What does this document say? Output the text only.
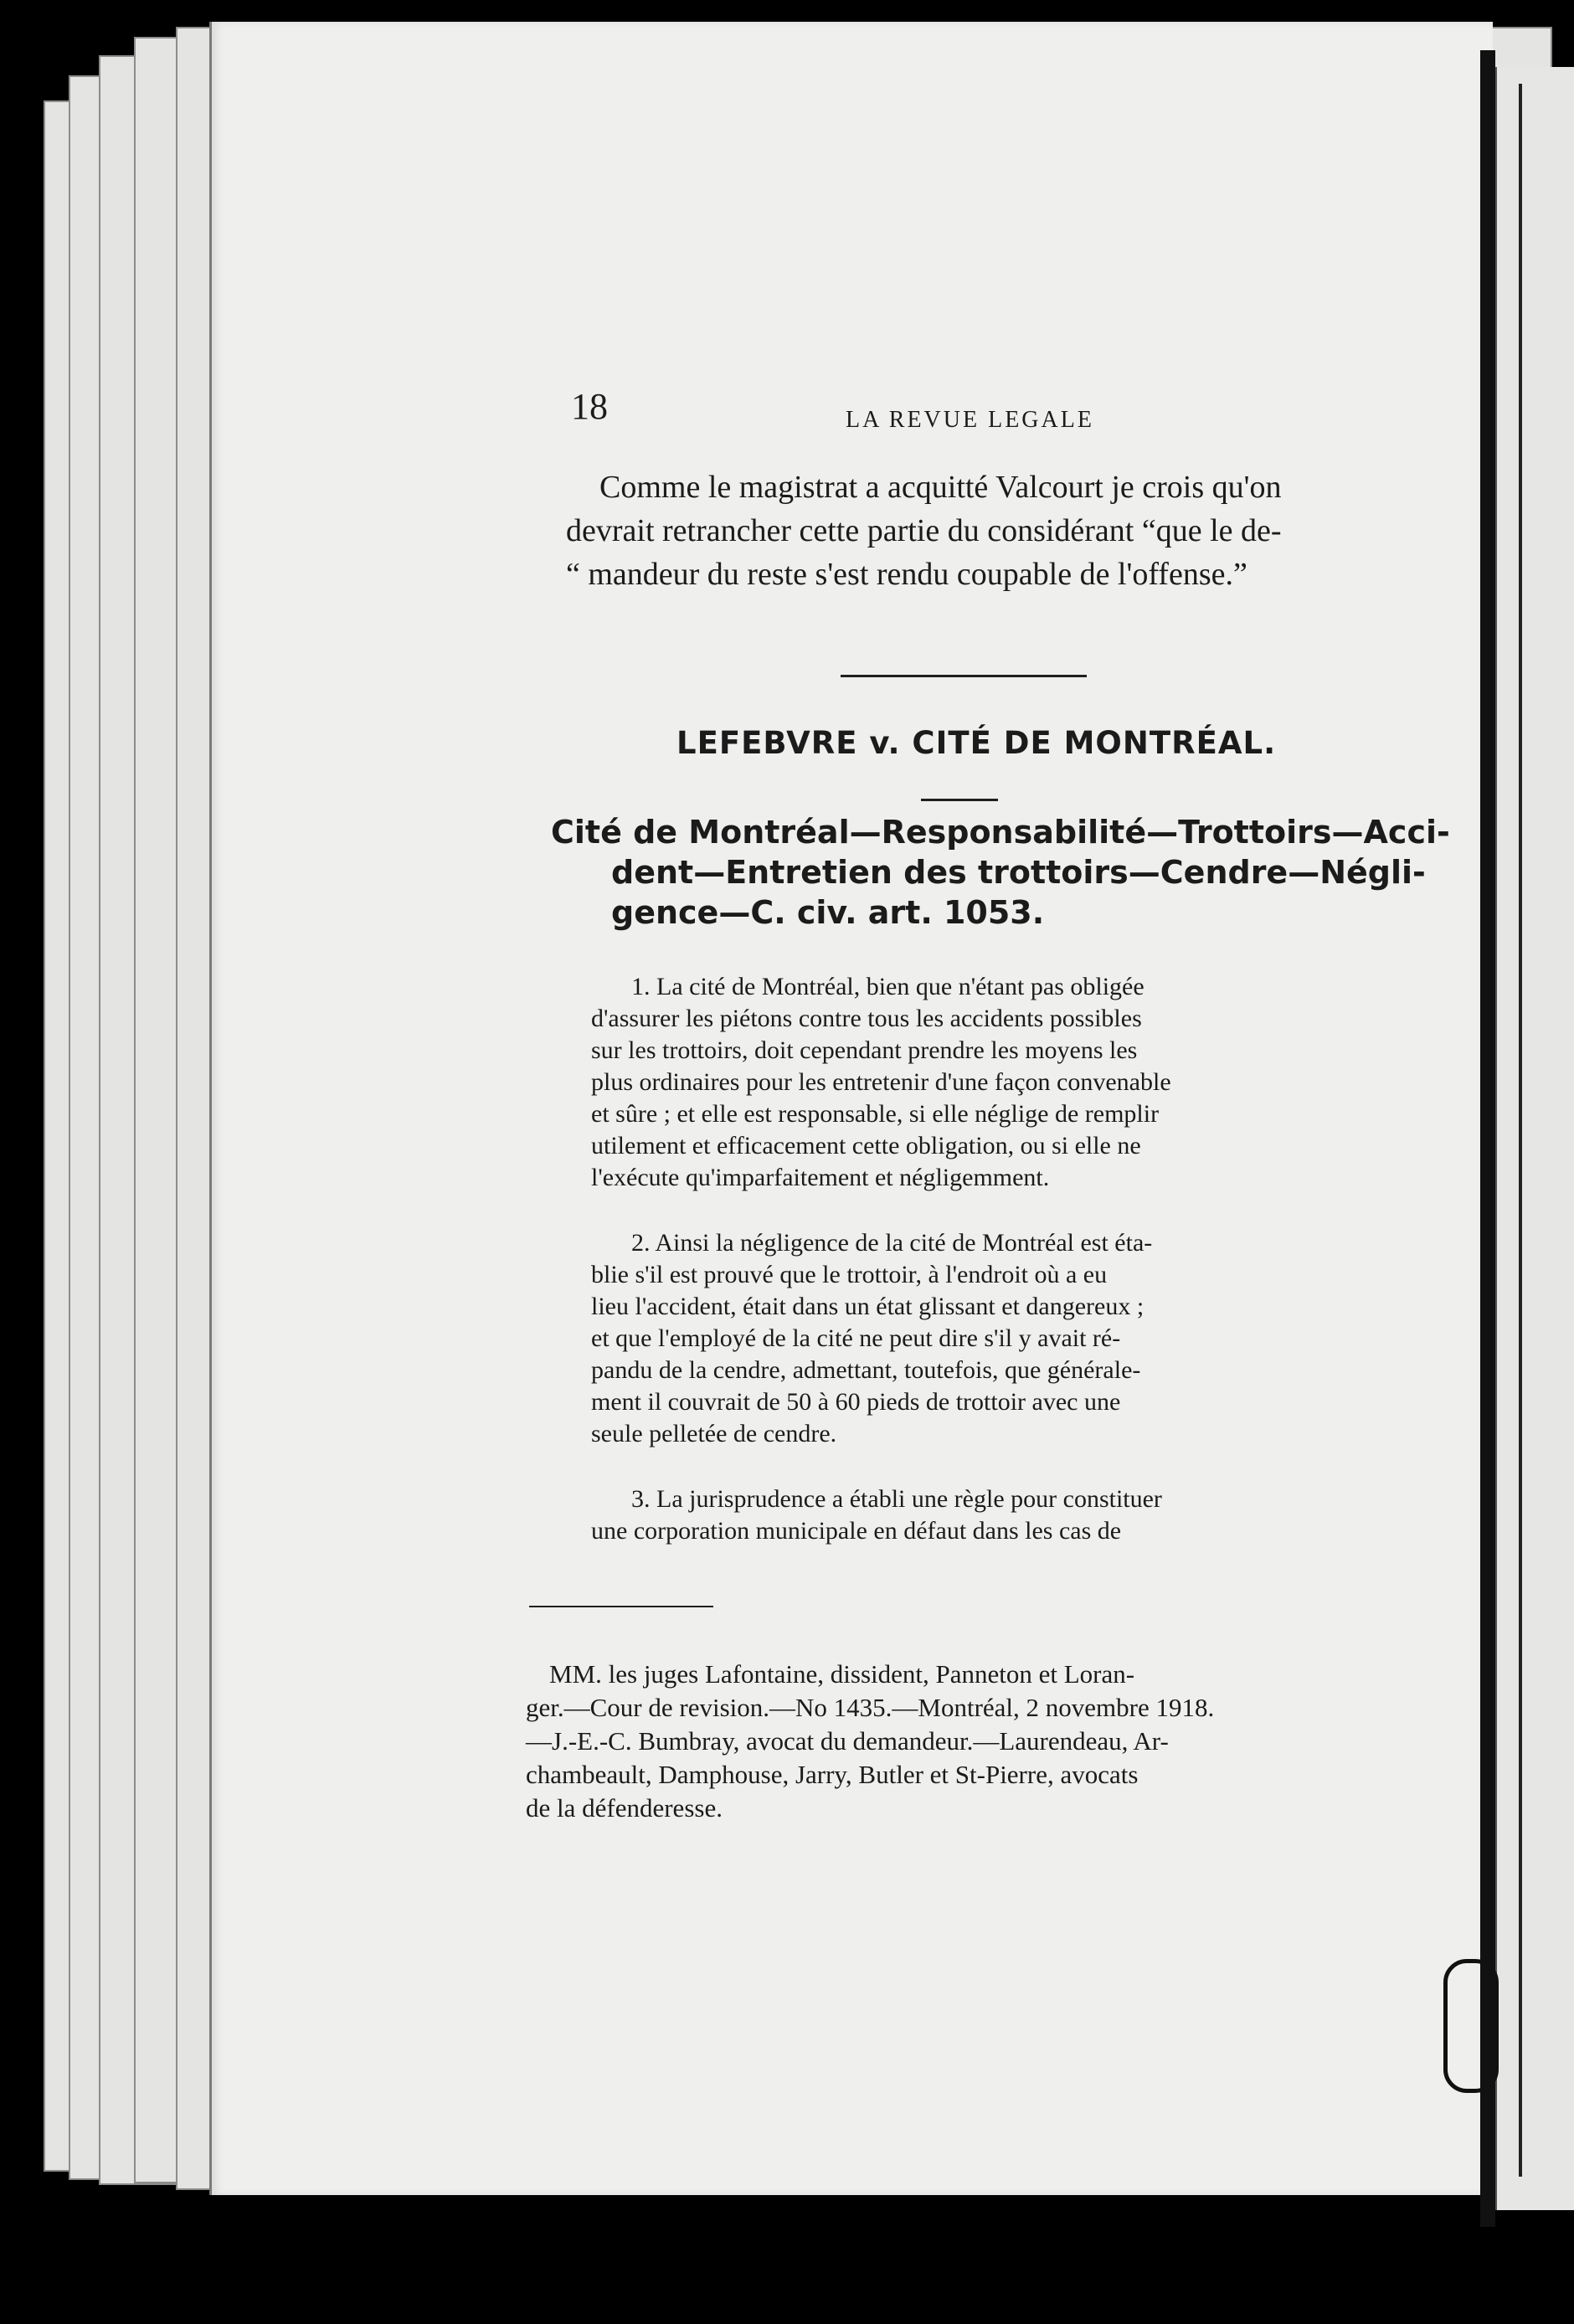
18	LA REVUE LEGALE
Comme le magistrat a acquitté Valcourt je crois qu'on
devrait retrancher cette partie du considérant “que le de-
“ mandeur du reste s'est rendu coupable de l'offense.”
LEFEBVRE v. CITÉ DE MONTRÉAL.
Cité de Montréal—Responsabilité—Trottoirs—Acci-
dent—Entretien des trottoirs—Cendre—Négli-
gence—C. civ. art. 1053.
1. La cité de Montréal, bien que n'étant pas obligée
d'assurer les piétons contre tous les accidents possibles
sur les trottoirs, doit cependant prendre les moyens les
plus ordinaires pour les entretenir d'une façon convenable
et sûre ; et elle est responsable, si elle néglige de remplir
utilement et efficacement cette obligation, ou si elle ne
l'exécute qu'imparfaitement et négligemment.
2. Ainsi la négligence de la cité de Montréal est éta-
blie s'il est prouvé que le trottoir, à l'endroit où a eu
lieu l'accident, était dans un état glissant et dangereux ;
et que l'employé de la cité ne peut dire s'il y avait ré-
pandu de la cendre, admettant, toutefois, que générale-
ment il couvrait de 50 à 60 pieds de trottoir avec une
seule pelletée de cendre.
3. La jurisprudence a établi une règle pour constituer
une corporation municipale en défaut dans les cas de
MM. les juges Lafontaine, dissident, Panneton et Loran-
ger.—Cour de revision.—No 1435.—Montréal, 2 novembre 1918.
—J.-E.-C. Bumbray, avocat du demandeur.—Laurendeau, Ar-
chambeault, Damphouse, Jarry, Butler et St-Pierre, avocats
de la défenderesse.
